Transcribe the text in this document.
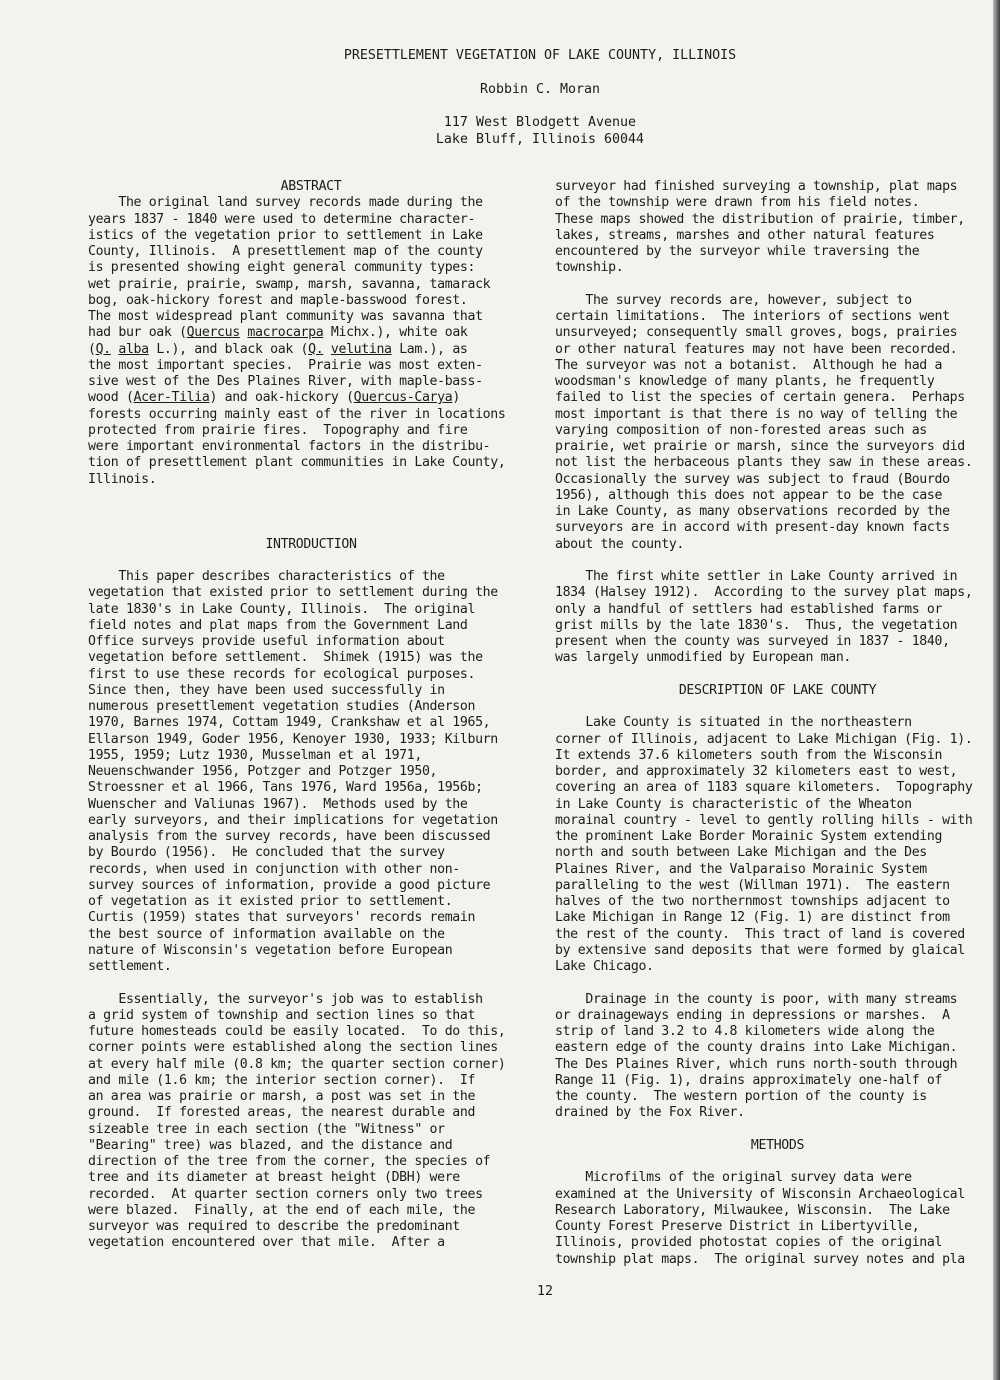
PRESETTLEMENT VEGETATION OF LAKE COUNTY, ILLINOIS
Robbin C. Moran
117 West Blodgett Avenue
Lake Bluff, Illinois 60044
ABSTRACT
The original land survey records made during the
years 1837 - 1840 were used to determine character-
istics of the vegetation prior to settlement in Lake
County, Illinois.  A presettlement map of the county
is presented showing eight general community types:
wet prairie, prairie, swamp, marsh, savanna, tamarack
bog, oak-hickory forest and maple-basswood forest.
The most widespread plant community was savanna that
had bur oak (Quercus macrocarpa Michx.), white oak
(Q. alba L.), and black oak (Q. velutina Lam.), as
the most important species.  Prairie was most exten-
sive west of the Des Plaines River, with maple-bass-
wood (Acer-Tilia) and oak-hickory (Quercus-Carya)
forests occurring mainly east of the river in locations
protected from prairie fires.  Topography and fire
were important environmental factors in the distribu-
tion of presettlement plant communities in Lake County,
Illinois.
INTRODUCTION
This paper describes characteristics of the
vegetation that existed prior to settlement during the
late 1830's in Lake County, Illinois.  The original
field notes and plat maps from the Government Land
Office surveys provide useful information about
vegetation before settlement.  Shimek (1915) was the
first to use these records for ecological purposes.
Since then, they have been used successfully in
numerous presettlement vegetation studies (Anderson
1970, Barnes 1974, Cottam 1949, Crankshaw et al 1965,
Ellarson 1949, Goder 1956, Kenoyer 1930, 1933; Kilburn
1955, 1959; Lutz 1930, Musselman et al 1971,
Neuenschwander 1956, Potzger and Potzger 1950,
Stroessner et al 1966, Tans 1976, Ward 1956a, 1956b;
Wuenscher and Valiunas 1967).  Methods used by the
early surveyors, and their implications for vegetation
analysis from the survey records, have been discussed
by Bourdo (1956).  He concluded that the survey
records, when used in conjunction with other non-
survey sources of information, provide a good picture
of vegetation as it existed prior to settlement.
Curtis (1959) states that surveyors' records remain
the best source of information available on the
nature of Wisconsin's vegetation before European
settlement.
Essentially, the surveyor's job was to establish
a grid system of township and section lines so that
future homesteads could be easily located.  To do this,
corner points were established along the section lines
at every half mile (0.8 km; the quarter section corner)
and mile (1.6 km; the interior section corner).  If
an area was prairie or marsh, a post was set in the
ground.  If forested areas, the nearest durable and
sizeable tree in each section (the "Witness" or
"Bearing" tree) was blazed, and the distance and
direction of the tree from the corner, the species of
tree and its diameter at breast height (DBH) were
recorded.  At quarter section corners only two trees
were blazed.  Finally, at the end of each mile, the
surveyor was required to describe the predominant
vegetation encountered over that mile.  After a
surveyor had finished surveying a township, plat maps
of the township were drawn from his field notes.
These maps showed the distribution of prairie, timber,
lakes, streams, marshes and other natural features
encountered by the surveyor while traversing the
township.
The survey records are, however, subject to
certain limitations.  The interiors of sections went
unsurveyed; consequently small groves, bogs, prairies
or other natural features may not have been recorded.
The surveyor was not a botanist.  Although he had a
woodsman's knowledge of many plants, he frequently
failed to list the species of certain genera.  Perhaps
most important is that there is no way of telling the
varying composition of non-forested areas such as
prairie, wet prairie or marsh, since the surveyors did
not list the herbaceous plants they saw in these areas.
Occasionally the survey was subject to fraud (Bourdo
1956), although this does not appear to be the case
in Lake County, as many observations recorded by the
surveyors are in accord with present-day known facts
about the county.
The first white settler in Lake County arrived in
1834 (Halsey 1912).  According to the survey plat maps,
only a handful of settlers had established farms or
grist mills by the late 1830's.  Thus, the vegetation
present when the county was surveyed in 1837 - 1840,
was largely unmodified by European man.
DESCRIPTION OF LAKE COUNTY
Lake County is situated in the northeastern
corner of Illinois, adjacent to Lake Michigan (Fig. 1).
It extends 37.6 kilometers south from the Wisconsin
border, and approximately 32 kilometers east to west,
covering an area of 1183 square kilometers.  Topography
in Lake County is characteristic of the Wheaton
morainal country - level to gently rolling hills - with
the prominent Lake Border Morainic System extending
north and south between Lake Michigan and the Des
Plaines River, and the Valparaiso Morainic System
paralleling to the west (Willman 1971).  The eastern
halves of the two northernmost townships adjacent to
Lake Michigan in Range 12 (Fig. 1) are distinct from
the rest of the county.  This tract of land is covered
by extensive sand deposits that were formed by glaical
Lake Chicago.
Drainage in the county is poor, with many streams
or drainageways ending in depressions or marshes.  A
strip of land 3.2 to 4.8 kilometers wide along the
eastern edge of the county drains into Lake Michigan.
The Des Plaines River, which runs north-south through
Range 11 (Fig. 1), drains approximately one-half of
the county.  The western portion of the county is
drained by the Fox River.
METHODS
Microfilms of the original survey data were
examined at the University of Wisconsin Archaeological
Research Laboratory, Milwaukee, Wisconsin.  The Lake
County Forest Preserve District in Libertyville,
Illinois, provided photostat copies of the original
township plat maps.  The original survey notes and pla
12
